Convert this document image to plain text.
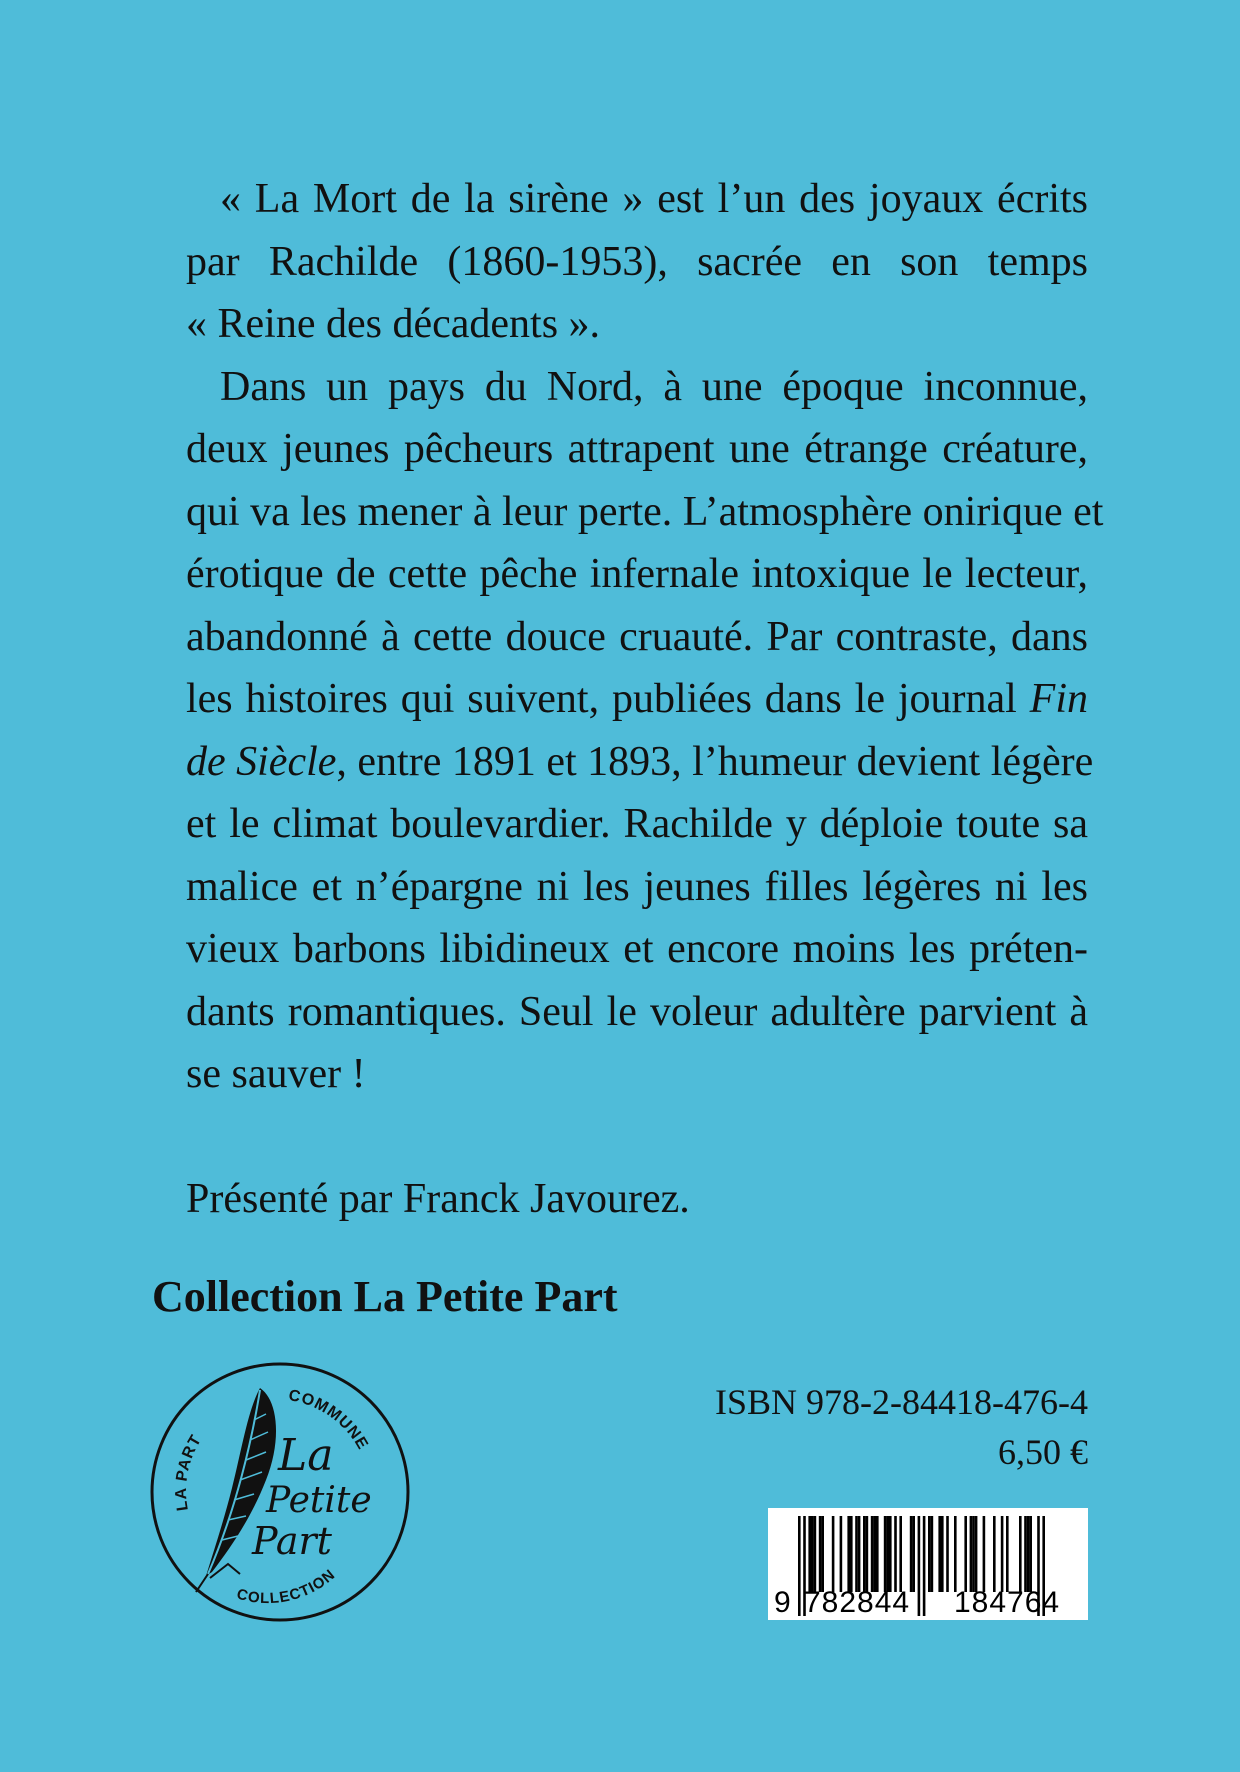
« La Mort de la sirène » est l’un des joyaux écrits
par Rachilde (1860-1953), sacrée en son temps
« Reine des décadents ».
Dans un pays du Nord, à une époque inconnue,
deux jeunes pêcheurs attrapent une étrange créature,
qui va les mener à leur perte. L’atmosphère onirique et
érotique de cette pêche infernale intoxique le lecteur,
abandonné à cette douce cruauté. Par contraste, dans
les histoires qui suivent, publiées dans le journal Fin
de Siècle, entre 1891 et 1893, l’humeur devient légère
et le climat boulevardier. Rachilde y déploie toute sa
malice et n’épargne ni les jeunes filles légères ni les
vieux barbons libidineux et encore moins les préten-
dants romantiques. Seul le voleur adultère parvient à
se sauver !
Présenté par Franck Javourez.
Collection La Petite Part
LA PART
COMMUNE
COLLECTION
La
Petite
Part
ISBN 978-2-84418-476-4
6,50 €
9 782844 184764
